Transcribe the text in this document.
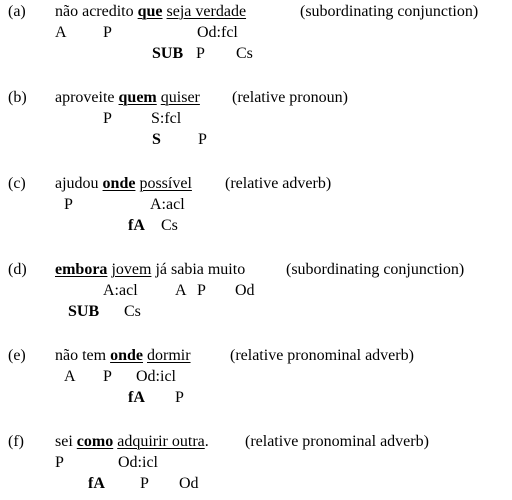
(a) não acredito que seja verdade	(subordinating conjunction)
A P	Od:fcl
SUB P Cs
(b) aproveite quem quiser (relative pronoun)
P S:fcl
S P
(c) ajudou onde possível (relative adverb)
P	A:acl
fA Cs
(d) embora jovem já sabia muito	(subordinating conjunction)
A:acl A P Od
SUB Cs
(e) não tem onde dormir (relative pronominal adverb)
A P Od:icl
fA P
(f) sei como adquirir outra. (relative pronominal adverb)
P	Od:icl
fA P Od
